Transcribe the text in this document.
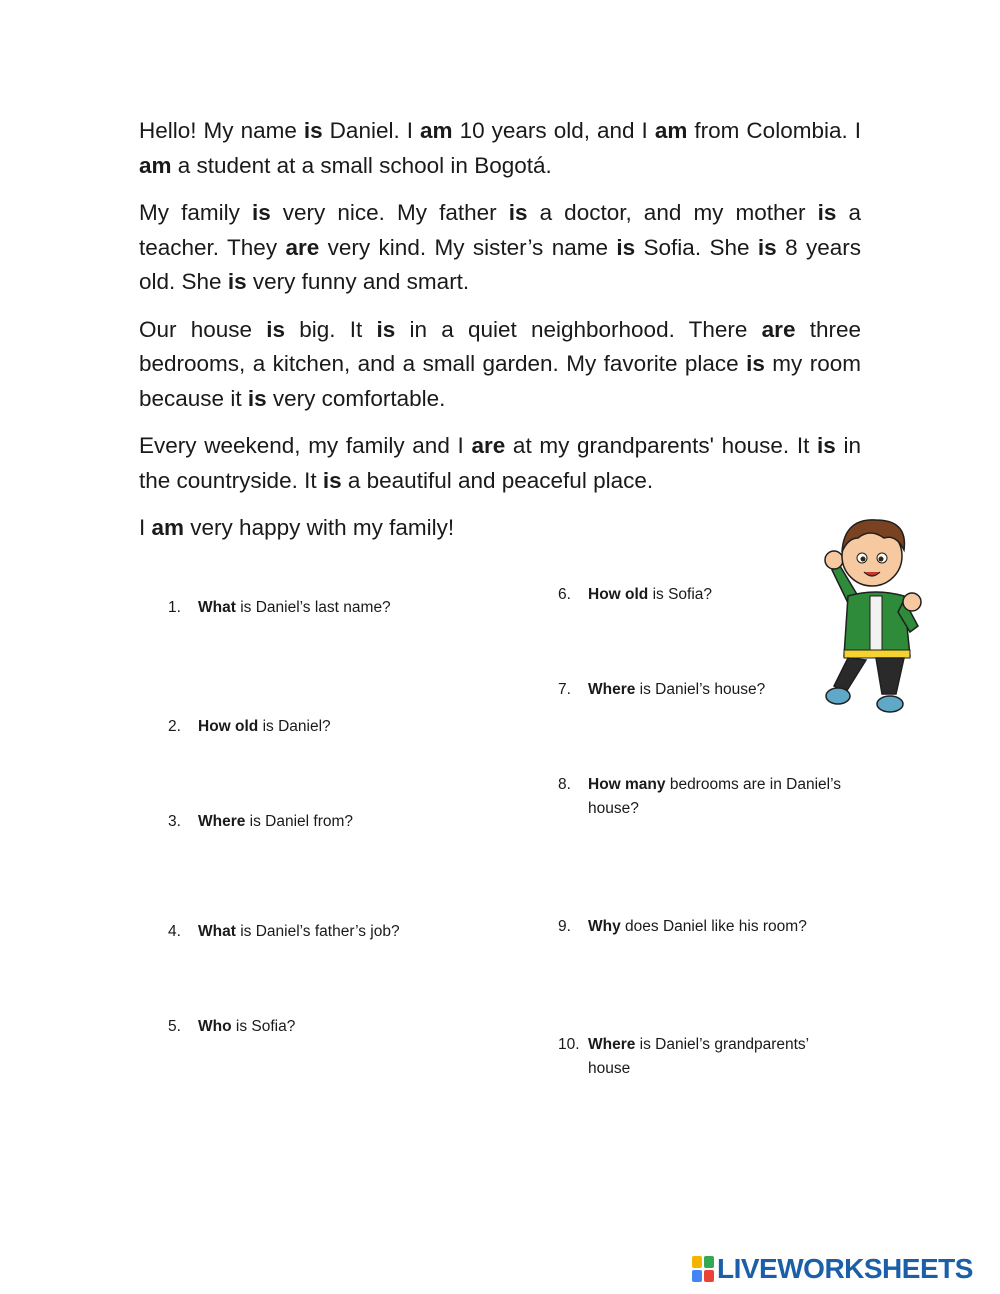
Hello! My name is Daniel. I am 10 years old, and I am from Colombia. I am a student at a small school in Bogotá.

My family is very nice. My father is a doctor, and my mother is a teacher. They are very kind. My sister’s name is Sofia. She is 8 years old. She is very funny and smart.

Our house is big. It is in a quiet neighborhood. There are three bedrooms, a kitchen, and a small garden. My favorite place is my room because it is very comfortable.

Every weekend, my family and I are at my grandparents' house. It is in the countryside. It is a beautiful and peaceful place.

I am very happy with my family!

1. What is Daniel’s last name?
2. How old is Daniel?
3. Where is Daniel from?
4. What is Daniel’s father’s job?
5. Who is Sofia?
6. How old is Sofia?
7. Where is Daniel’s house?
8. How many bedrooms are in Daniel’s
house?
9. Why does Daniel like his room?
10. Where is Daniel’s grandparents’
house
LIVEWORKSHEETS
